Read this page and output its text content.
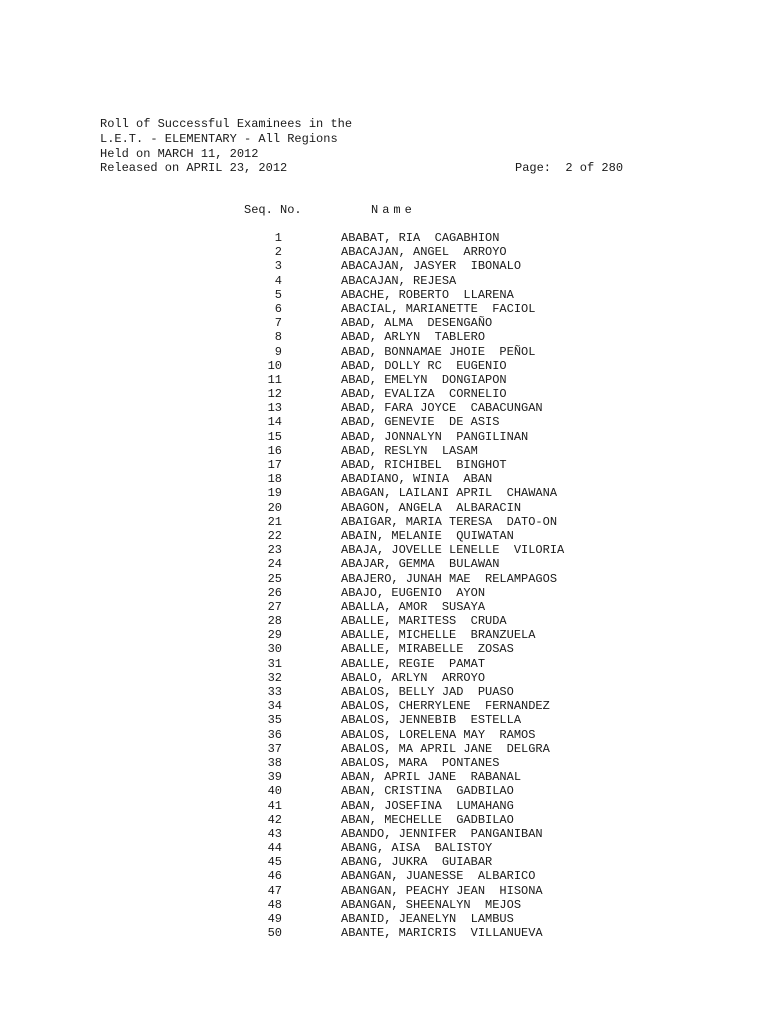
Roll of Successful Examinees in the
L.E.T. - ELEMENTARY - All Regions
Held on MARCH 11, 2012
Released on APRIL 23, 2012	Page:  2 of 280
Seq. No.	Name
1	ABABAT, RIA  CAGABHION
2	ABACAJAN, ANGEL  ARROYO
3	ABACAJAN, JASYER  IBONALO
4	ABACAJAN, REJESA
5	ABACHE, ROBERTO  LLARENA
6	ABACIAL, MARIANETTE  FACIOL
7	ABAD, ALMA  DESENGAÑO
8	ABAD, ARLYN  TABLERO
9	ABAD, BONNAMAE JHOIE  PEÑOL
10	ABAD, DOLLY RC  EUGENIO
11	ABAD, EMELYN  DONGIAPON
12	ABAD, EVALIZA  CORNELIO
13	ABAD, FARA JOYCE  CABACUNGAN
14	ABAD, GENEVIE  DE ASIS
15	ABAD, JONNALYN  PANGILINAN
16	ABAD, RESLYN  LASAM
17	ABAD, RICHIBEL  BINGHOT
18	ABADIANO, WINIA  ABAN
19	ABAGAN, LAILANI APRIL  CHAWANA
20	ABAGON, ANGELA  ALBARACIN
21	ABAIGAR, MARIA TERESA  DATO-ON
22	ABAIN, MELANIE  QUIWATAN
23	ABAJA, JOVELLE LENELLE  VILORIA
24	ABAJAR, GEMMA  BULAWAN
25	ABAJERO, JUNAH MAE  RELAMPAGOS
26	ABAJO, EUGENIO  AYON
27	ABALLA, AMOR  SUSAYA
28	ABALLE, MARITESS  CRUDA
29	ABALLE, MICHELLE  BRANZUELA
30	ABALLE, MIRABELLE  ZOSAS
31	ABALLE, REGIE  PAMAT
32	ABALO, ARLYN  ARROYO
33	ABALOS, BELLY JAD  PUASO
34	ABALOS, CHERRYLENE  FERNANDEZ
35	ABALOS, JENNEBIB  ESTELLA
36	ABALOS, LORELENA MAY  RAMOS
37	ABALOS, MA APRIL JANE  DELGRA
38	ABALOS, MARA  PONTANES
39	ABAN, APRIL JANE  RABANAL
40	ABAN, CRISTINA  GADBILAO
41	ABAN, JOSEFINA  LUMAHANG
42	ABAN, MECHELLE  GADBILAO
43	ABANDO, JENNIFER  PANGANIBAN
44	ABANG, AISA  BALISTOY
45	ABANG, JUKRA  GUIABAR
46	ABANGAN, JUANESSE  ALBARICO
47	ABANGAN, PEACHY JEAN  HISONA
48	ABANGAN, SHEENALYN  MEJOS
49	ABANID, JEANELYN  LAMBUS
50	ABANTE, MARICRIS  VILLANUEVA
